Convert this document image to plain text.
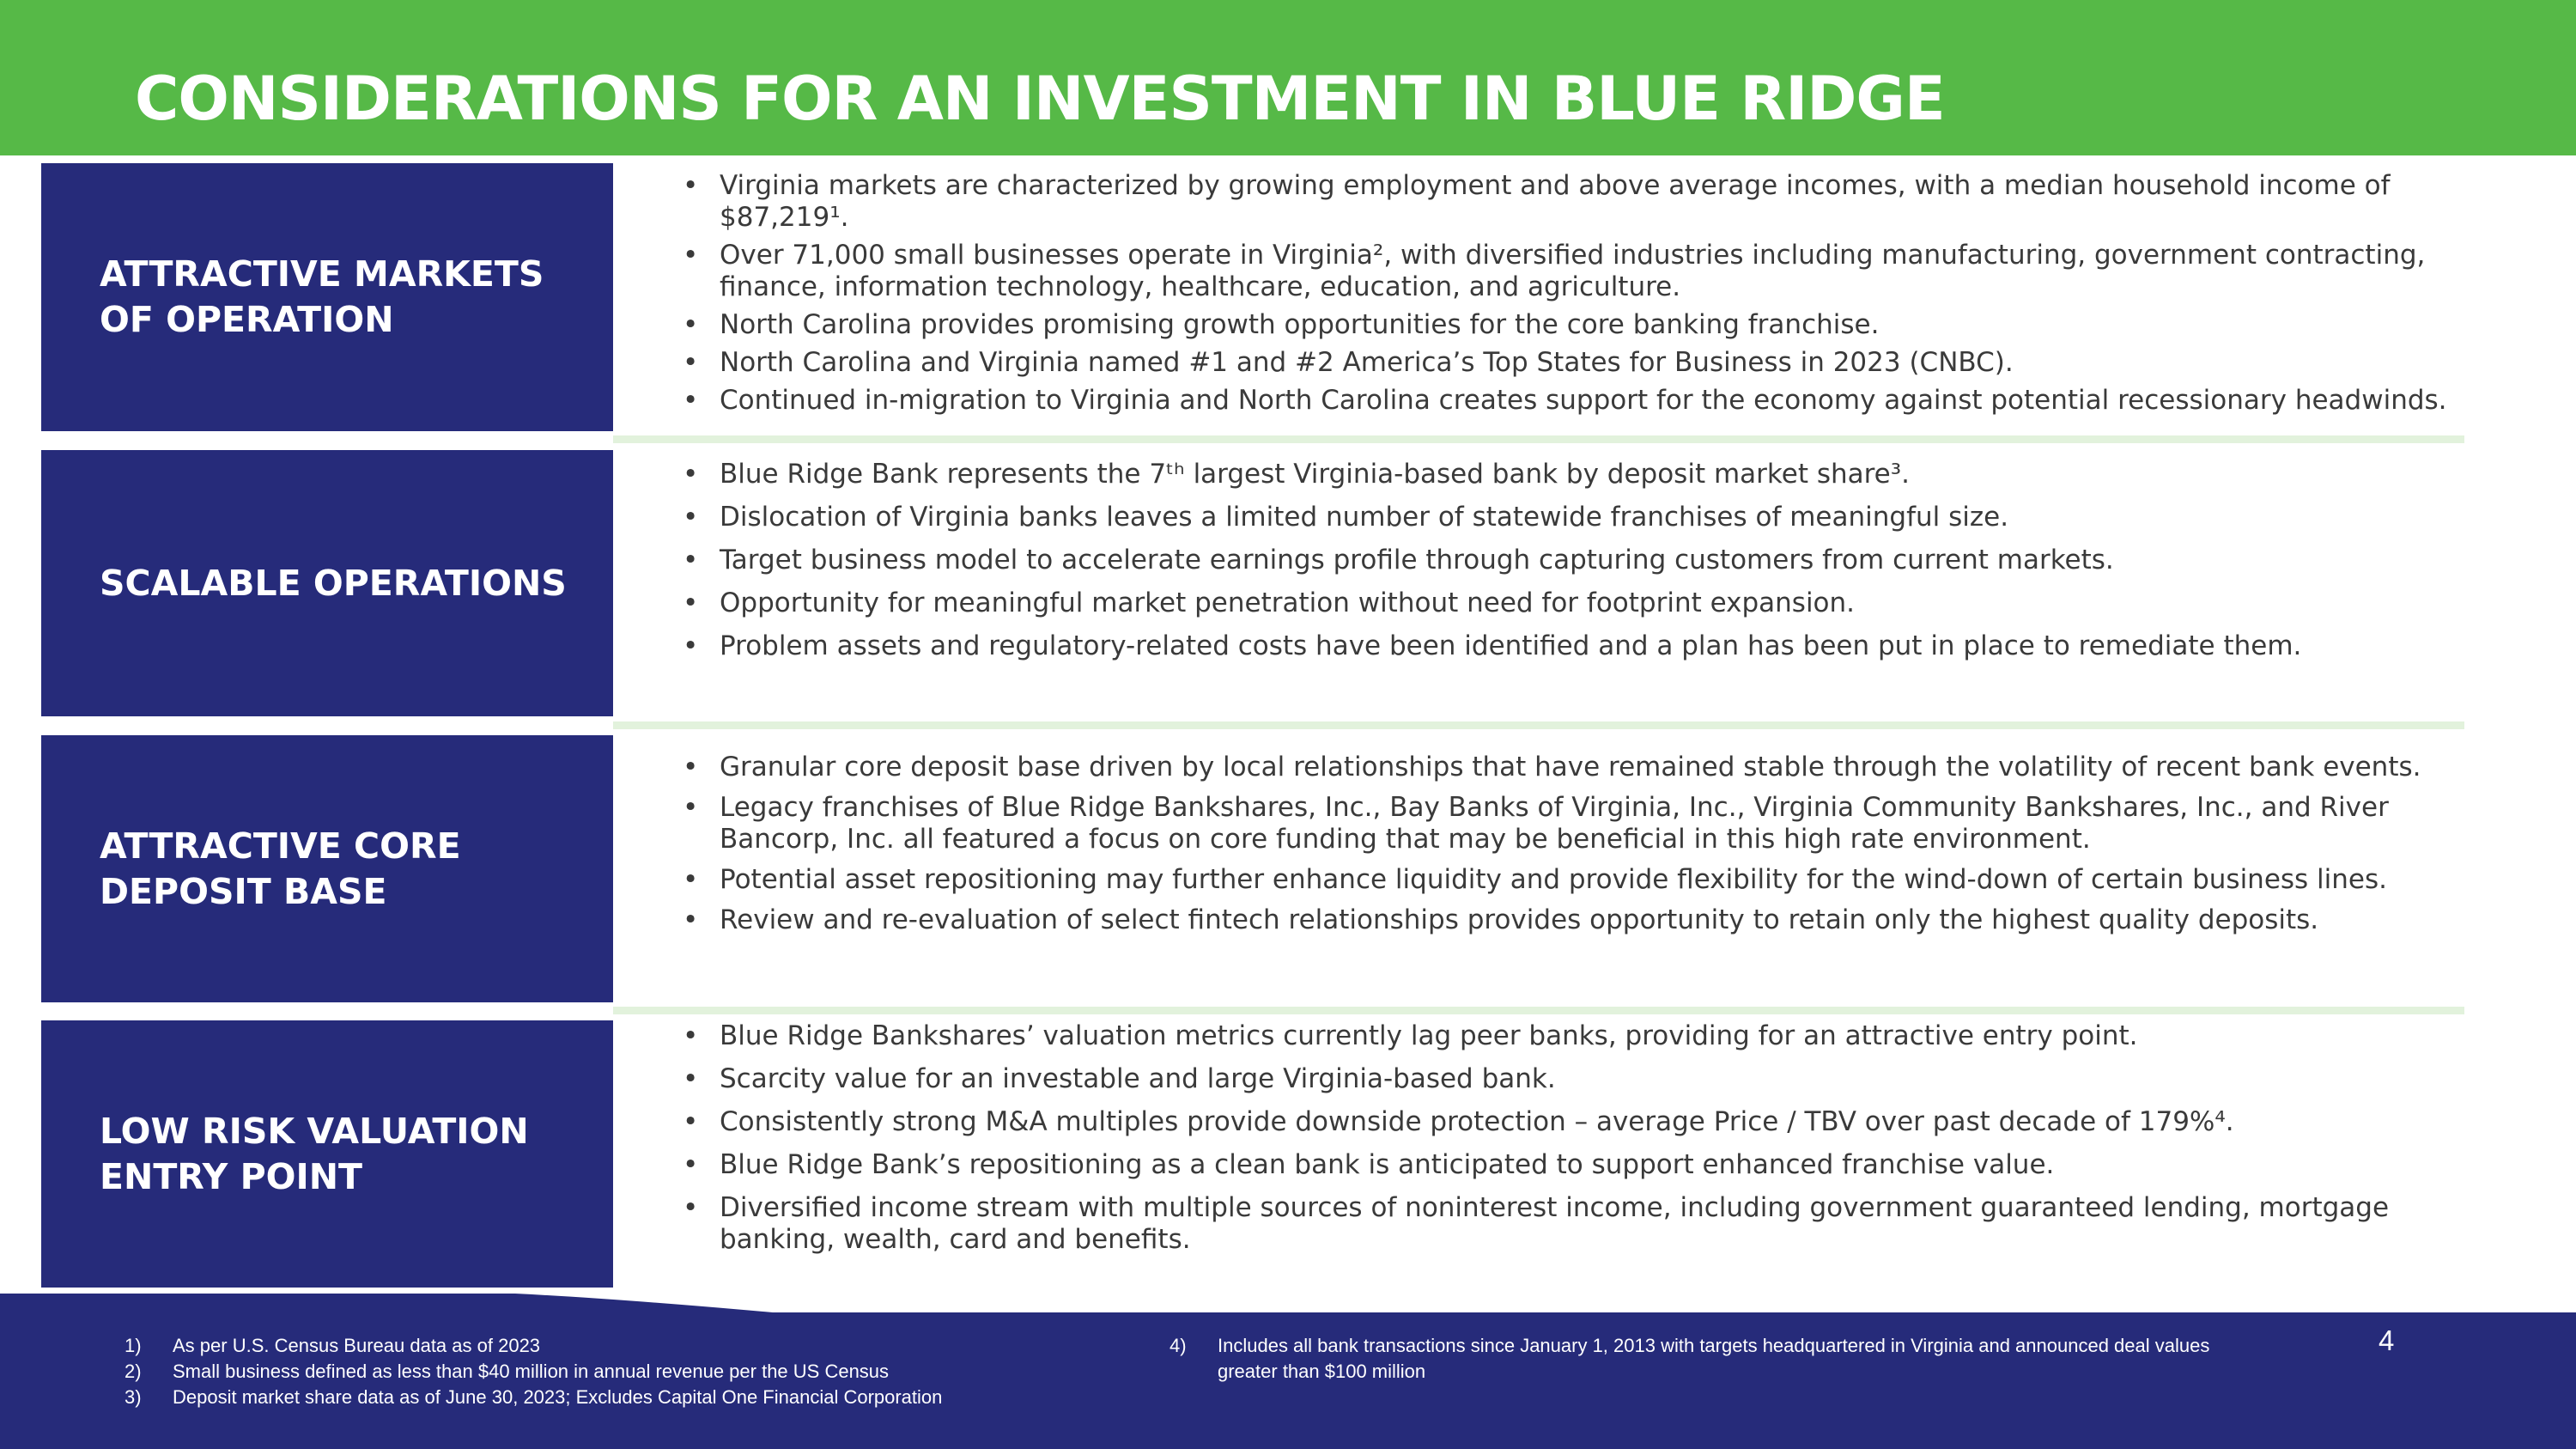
CONSIDERATIONS FOR AN INVESTMENT IN BLUE RIDGE

ATTRACTIVE MARKETS
OF OPERATION

• Virginia markets are characterized by growing employment and above average incomes, with a median household income of $87,219¹.
• Over 71,000 small businesses operate in Virginia², with diversified industries including manufacturing, government contracting, finance, information technology, healthcare, education, and agriculture.
• North Carolina provides promising growth opportunities for the core banking franchise.
• North Carolina and Virginia named #1 and #2 America’s Top States for Business in 2023 (CNBC).
• Continued in-migration to Virginia and North Carolina creates support for the economy against potential recessionary headwinds.

SCALABLE OPERATIONS

• Blue Ridge Bank represents the 7ᵗʰ largest Virginia-based bank by deposit market share³.
• Dislocation of Virginia banks leaves a limited number of statewide franchises of meaningful size.
• Target business model to accelerate earnings profile through capturing customers from current markets.
• Opportunity for meaningful market penetration without need for footprint expansion.
• Problem assets and regulatory-related costs have been identified and a plan has been put in place to remediate them.

ATTRACTIVE CORE
DEPOSIT BASE

• Granular core deposit base driven by local relationships that have remained stable through the volatility of recent bank events.
• Legacy franchises of Blue Ridge Bankshares, Inc., Bay Banks of Virginia, Inc., Virginia Community Bankshares, Inc., and River Bancorp, Inc. all featured a focus on core funding that may be beneficial in this high rate environment.
• Potential asset repositioning may further enhance liquidity and provide flexibility for the wind-down of certain business lines.
• Review and re-evaluation of select fintech relationships provides opportunity to retain only the highest quality deposits.

LOW RISK VALUATION
ENTRY POINT

• Blue Ridge Bankshares’ valuation metrics currently lag peer banks, providing for an attractive entry point.
• Scarcity value for an investable and large Virginia-based bank.
• Consistently strong M&A multiples provide downside protection – average Price / TBV over past decade of 179%⁴.
• Blue Ridge Bank’s repositioning as a clean bank is anticipated to support enhanced franchise value.
• Diversified income stream with multiple sources of noninterest income, including government guaranteed lending, mortgage banking, wealth, card and benefits.
1) As per U.S. Census Bureau data as of 2023
2) Small business defined as less than $40 million in annual revenue per the US Census
3) Deposit market share data as of June 30, 2023; Excludes Capital One Financial Corporation
4) Includes all bank transactions since January 1, 2013 with targets headquartered in Virginia and announced deal values greater than $100 million
4
